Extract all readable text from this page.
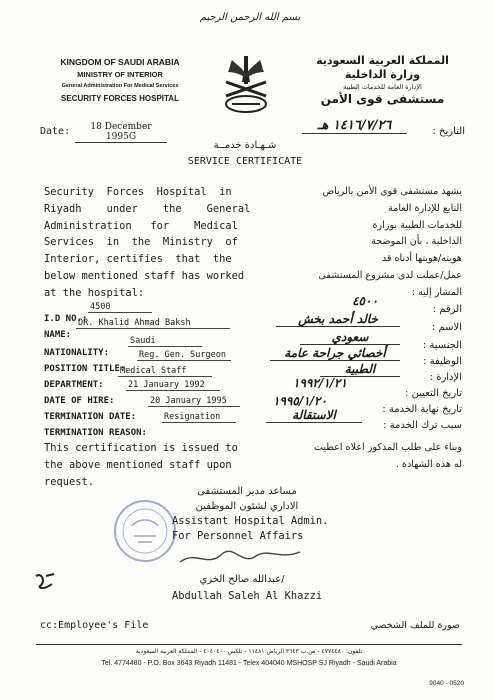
بسم الله الرحمن الرحيم
KINGDOM OF SAUDI ARABIA
MINISTRY OF INTERIOR
General Administration For Medical Services
SECURITY FORCES HOSPITAL
المملكة العربية السعودية
وزارة الداخلية
الإدارة العامة للخدمات الطبية
مستشفى قوى الأمن
Date:	18 December 1995G	التاريخ :
١٤١٦/٧/٢٦ هـ
شـهـادة خدمــة
SERVICE CERTIFICATE
Security  Forces  Hospital  in
Riyadh    under    the    General
Administration   for    Medical
Services  in  the  Ministry  of
Interior, certifies  that  the
below mentioned staff has worked
at the hospital:
يشهد مستشفى قوى الأمن بالرياض
التابع للإدارة العامة
للخدمات الطبية بوزارة
الداخلية ، بأن الموضحة
هويته/هويتها أدناه قد
عمل/عملت لدى مشروع المستشفى
المشار إليه :
I.D NO.:
4500
NAME:
DR. Khalid Ahmad Baksh
NATIONALITY:
Saudi
POSITION TITLE:
Reg. Gen. Surgeon
DEPARTMENT:
Medical Staff
DATE OF HIRE:
21 January 1992
TERMINATION DATE:
20 January 1995
TERMINATION REASON:
Resignation
الرقم :
٤٥٠٠
الاسم :
خالد أحمد بخش
الجنسية :
سعودي
الوظيفة :
أخصائي جراحة عامة
الإدارة :
الطبية
تاريخ التعيين :
١٩٩٢/١/٢١
تاريخ نهاية الخدمة :
١٩٩٥/١/٢٠
سبب ترك الخدمة :
الاستقالة
This certification is issued to
the above mentioned staff upon
request.
وبناء على طلب المذكور اعلاه اعطيت
له هذه الشهادة .
مساعد مدير المستشفى
الاداري لشئون الموظفين
Assistant Hospital Admin.
For Personnel Affairs
/عبدالله صالح الخزي
Abdullah Saleh Al Khazzi
cc:Employee's File	صورة للملف الشخصي
تلفون: ٤٧٧٤٤٨٠ - ص.ب ٣٦٤٣ الرياض ١١٤٨١ - تلكس ٤٠٤٠٤٠٠ - المملكة العربية السعودية
Tel. 4774480 - P.O. Box 3643 Riyadh 11481 - Telex 404040 MSHOSP SJ Riyadh - Saudi Arabia
9040 - 0520
